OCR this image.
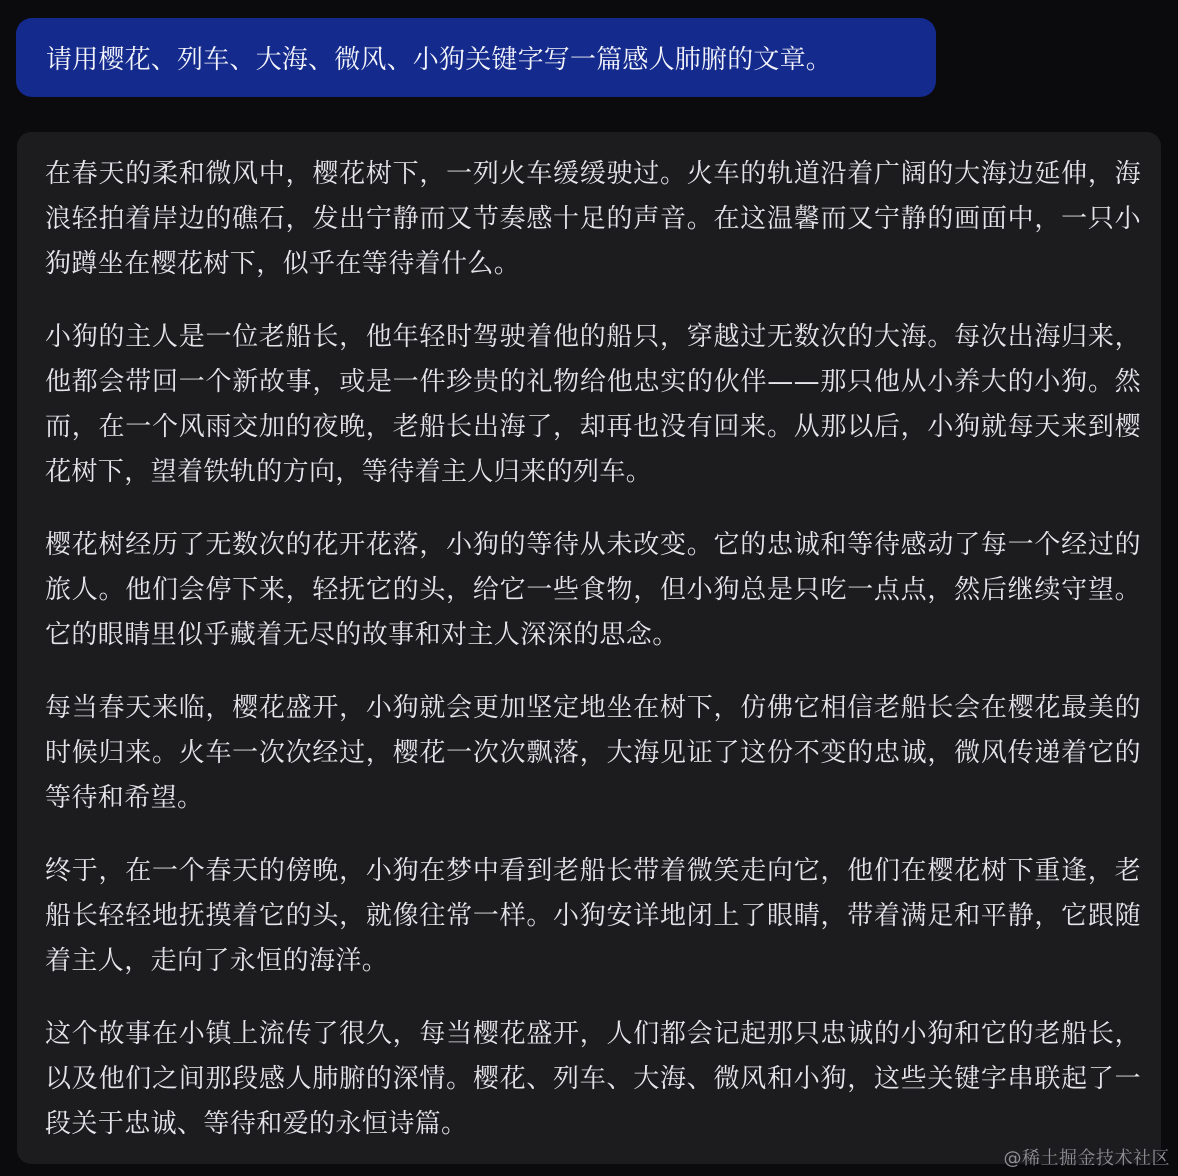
请用樱花、列车、大海、微风、小狗关键字写一篇感人肺腑的文章。

在春天的柔和微风中，樱花树下，一列火车缓缓驶过。火车的轨道沿着广阔的大海边延伸，海浪轻拍着岸边的礁石，发出宁静而又节奏感十足的声音。在这温馨而又宁静的画面中，一只小狗蹲坐在樱花树下，似乎在等待着什么。

小狗的主人是一位老船长，他年轻时驾驶着他的船只，穿越过无数次的大海。每次出海归来，他都会带回一个新故事，或是一件珍贵的礼物给他忠实的伙伴——那只他从小养大的小狗。然而，在一个风雨交加的夜晚，老船长出海了，却再也没有回来。从那以后，小狗就每天来到樱花树下，望着铁轨的方向，等待着主人归来的列车。

樱花树经历了无数次的花开花落，小狗的等待从未改变。它的忠诚和等待感动了每一个经过的旅人。他们会停下来，轻抚它的头，给它一些食物，但小狗总是只吃一点点，然后继续守望。它的眼睛里似乎藏着无尽的故事和对主人深深的思念。

每当春天来临，樱花盛开，小狗就会更加坚定地坐在树下，仿佛它相信老船长会在樱花最美的时候归来。火车一次次经过，樱花一次次飘落，大海见证了这份不变的忠诚，微风传递着它的等待和希望。

终于，在一个春天的傍晚，小狗在梦中看到老船长带着微笑走向它，他们在樱花树下重逢，老船长轻轻地抚摸着它的头，就像往常一样。小狗安详地闭上了眼睛，带着满足和平静，它跟随着主人，走向了永恒的海洋。

这个故事在小镇上流传了很久，每当樱花盛开，人们都会记起那只忠诚的小狗和它的老船长，以及他们之间那段感人肺腑的深情。樱花、列车、大海、微风和小狗，这些关键字串联起了一段关于忠诚、等待和爱的永恒诗篇。

@稀土掘金技术社区
